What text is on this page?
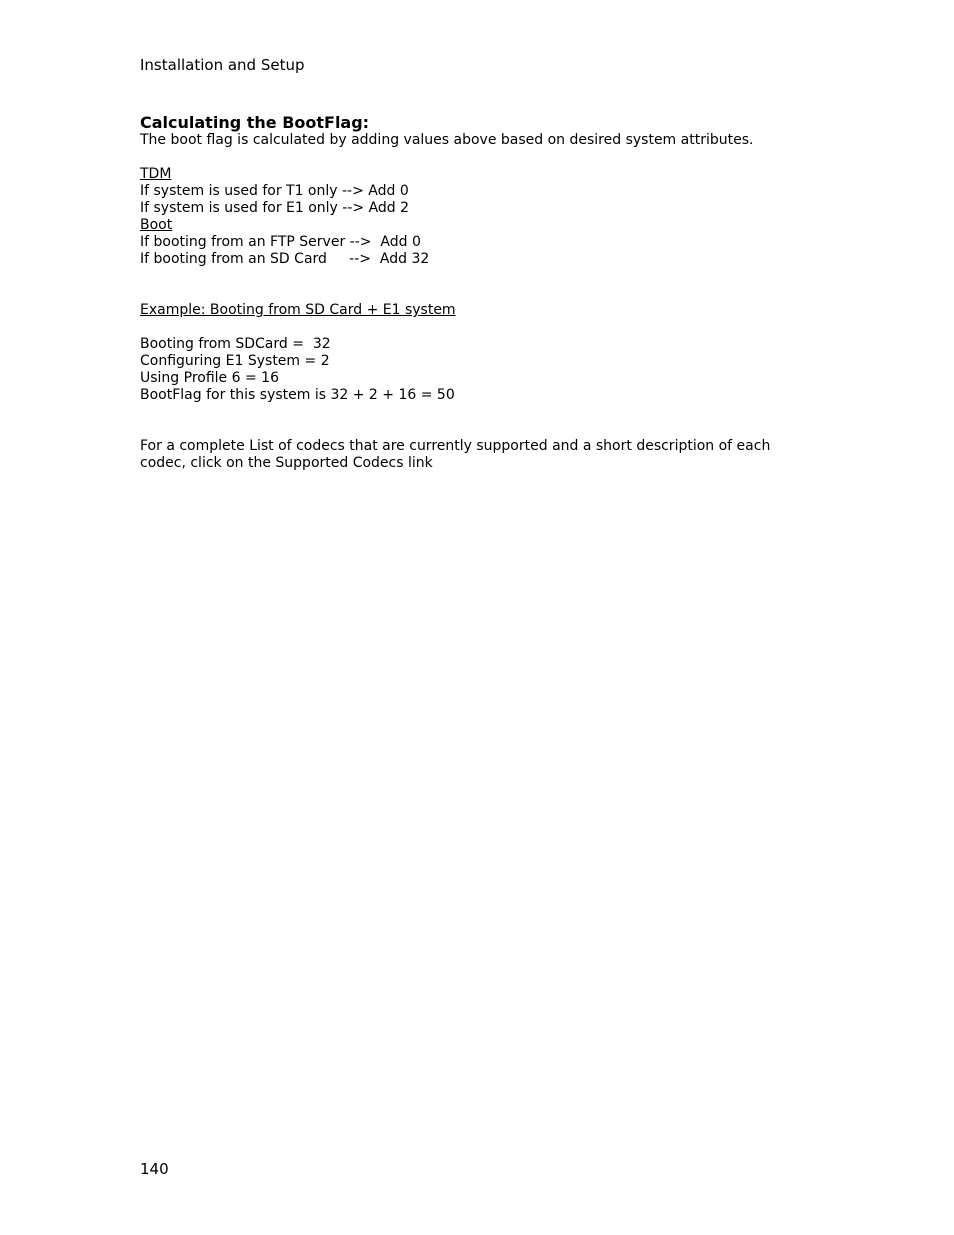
Installation and Setup
Calculating the BootFlag:
The boot flag is calculated by adding values above based on desired system attributes.
TDM
If system is used for T1 only --> Add 0
If system is used for E1 only --> Add 2
Boot
If booting from an FTP Server -->  Add 0
If booting from an SD Card     -->  Add 32
Example: Booting from SD Card + E1 system
Booting from SDCard =  32
Configuring E1 System = 2
Using Profile 6 = 16
BootFlag for this system is 32 + 2 + 16 = 50
For a complete List of codecs that are currently supported and a short description of each codec, click on the Supported Codecs link
140
